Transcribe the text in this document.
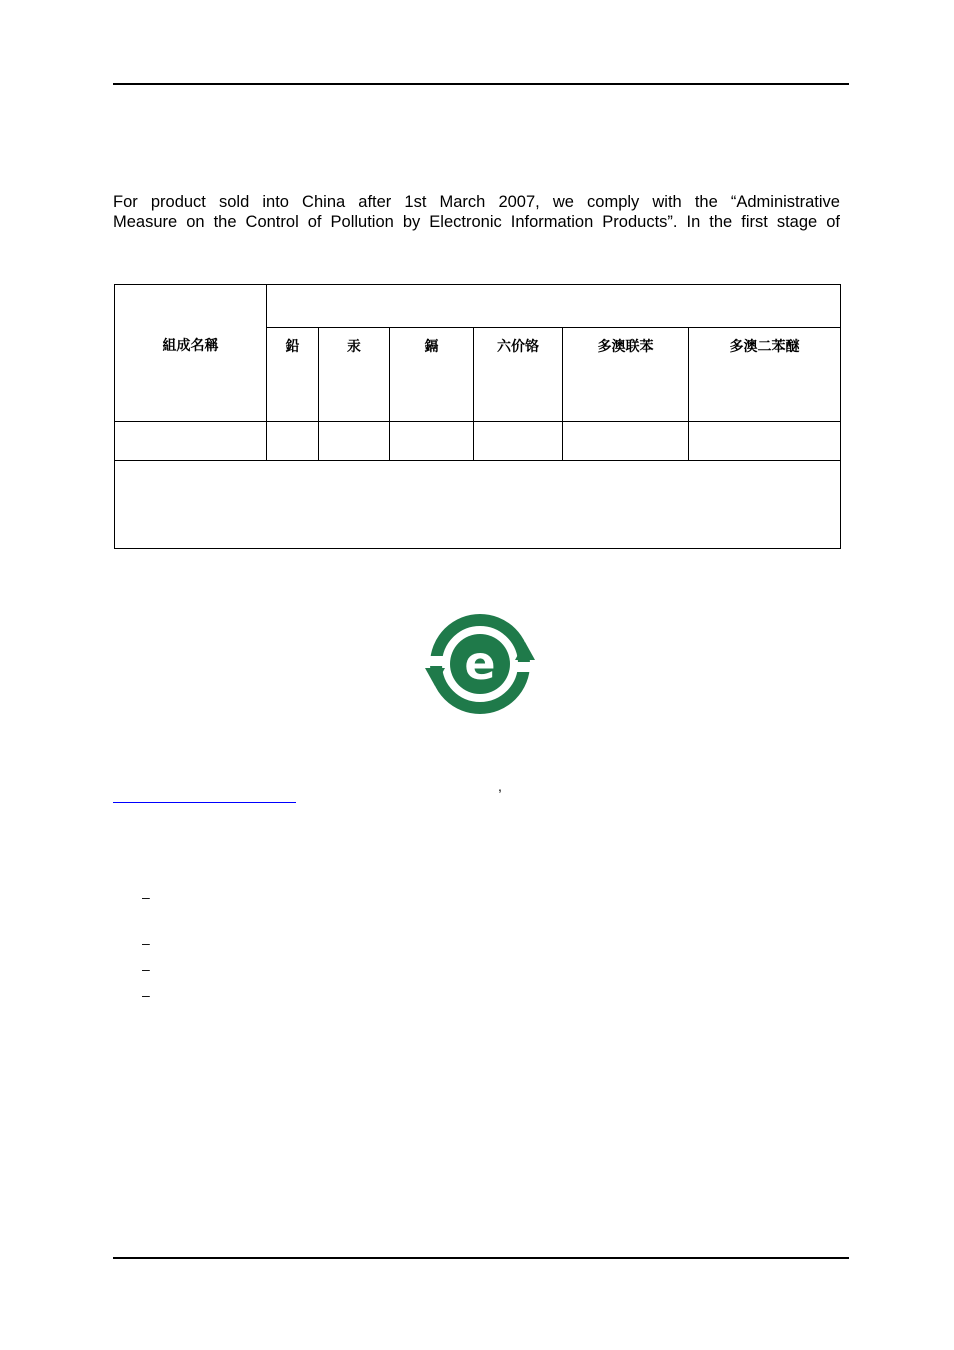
For product sold into China after 1st March 2007, we comply with the “Administrative
Measure on the Control of Pollution by Electronic Information Products”. In the first stage of
組成名稱						
	鉛	汞	鎘	六价铬	多澳联苯	多澳二苯醚

e
,
–
–
–
–
